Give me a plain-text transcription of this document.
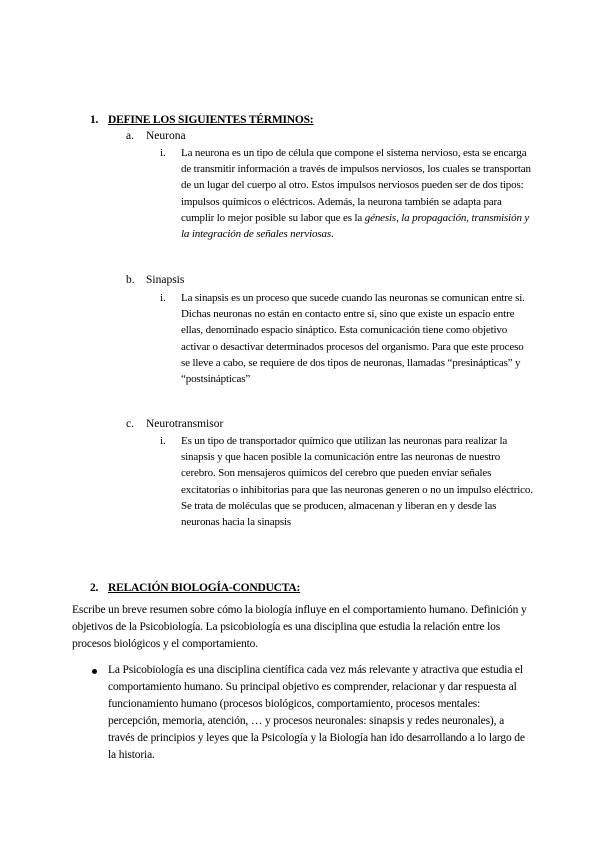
1. DEFINE LOS SIGUIENTES TÉRMINOS:
a. Neurona
i. La neurona es un tipo de célula que compone el sistema nervioso, esta se encarga de transmitir información a través de impulsos nerviosos, los cuales se transportan de un lugar del cuerpo al otro. Estos impulsos nerviosos pueden ser de dos tipos: impulsos químicos o eléctricos. Además, la neurona también se adapta para cumplir lo mejor posible su labor que es la génesis, la propagación, transmisión y la integración de señales nerviosas.
b. Sinapsis
i. La sinapsis es un proceso que sucede cuando las neuronas se comunican entre sí. Dichas neuronas no están en contacto entre sí, sino que existe un espacio entre ellas, denominado espacio sináptico. Esta comunicación tiene como objetivo activar o desactivar determinados procesos del organismo. Para que este proceso se lleve a cabo, se requiere de dos tipos de neuronas, llamadas “presinápticas” y “postsinápticas”
c. Neurotransmisor
i. Es un tipo de transportador químico que utilizan las neuronas para realizar la sinapsis y que hacen posible la comunicación entre las neuronas de nuestro cerebro. Son mensajeros químicos del cerebro que pueden enviar señales excitatorias o inhibitorias para que las neuronas generen o no un impulso eléctrico. Se trata de moléculas que se producen, almacenan y liberan en y desde las neuronas hacia la sinapsis
2. RELACIÓN BIOLOGÍA-CONDUCTA:
Escribe un breve resumen sobre cómo la biología influye en el comportamiento humano. Definición y objetivos de la Psicobiología. La psicobiología es una disciplina que estudia la relación entre los procesos biológicos y el comportamiento.
La Psicobiología es una disciplina científica cada vez más relevante y atractiva que estudia el comportamiento humano. Su principal objetivo es comprender, relacionar y dar respuesta al funcionamiento humano (procesos biológicos, comportamiento, procesos mentales: percepción, memoria, atención, … y procesos neuronales: sinapsis y redes neuronales), a través de principios y leyes que la Psicología y la Biología han ido desarrollando a lo largo de la historia.
